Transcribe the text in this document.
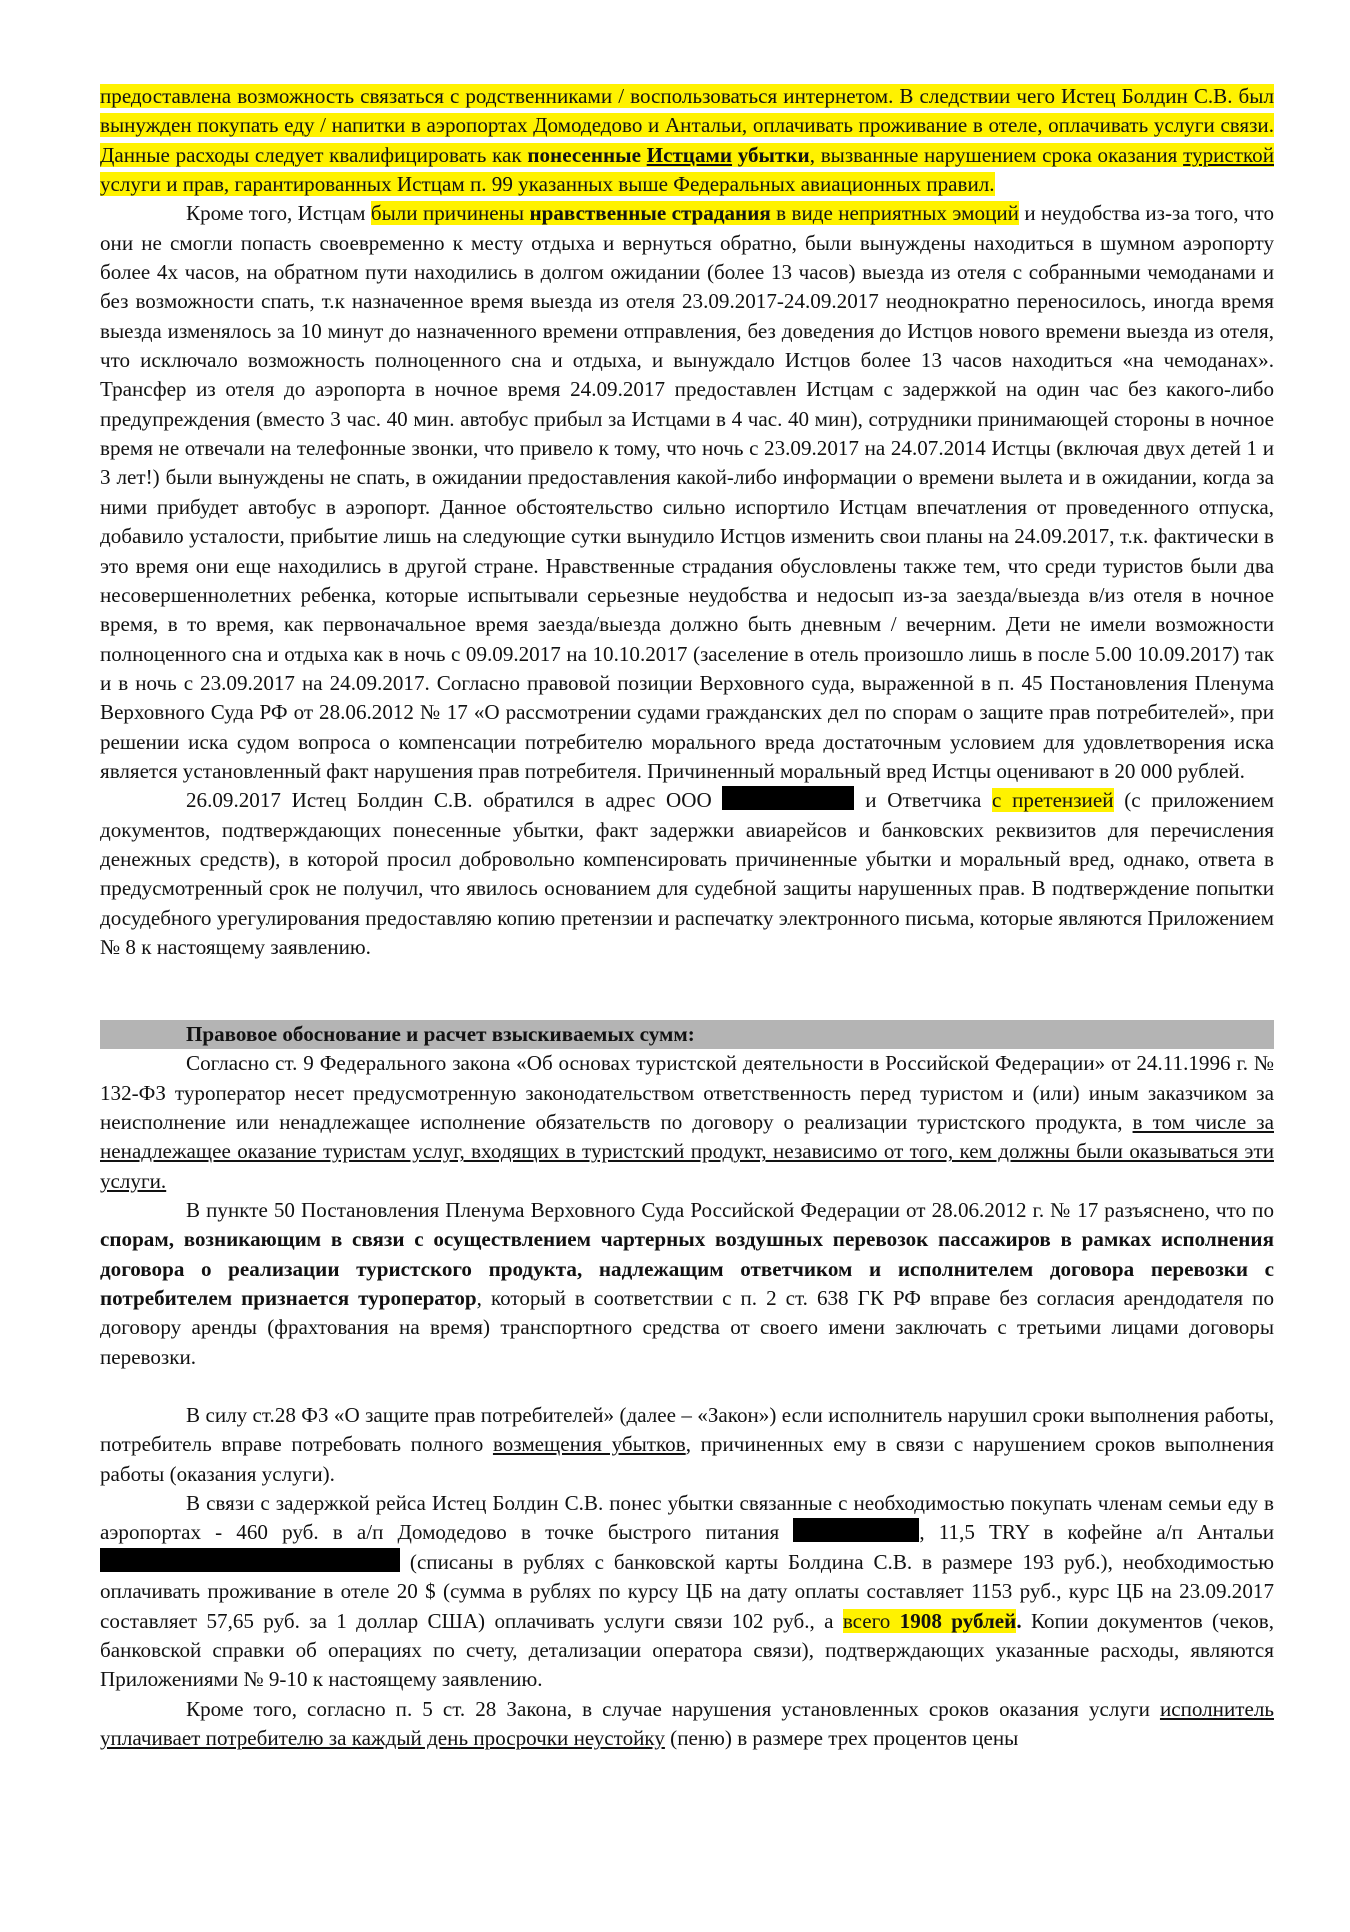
предоставлена возможность связаться с родственниками / воспользоваться интернетом. В следствии чего Истец Болдин С.В. был вынужден покупать еду / напитки в аэропортах Домодедово и Антальи, оплачивать проживание в отеле, оплачивать услуги связи. Данные расходы следует квалифицировать как понесенные Истцами убытки, вызванные нарушением срока оказания туристкой услуги и прав, гарантированных Истцам п. 99 указанных выше Федеральных авиационных правил.

Кроме того, Истцам были причинены нравственные страдания в виде неприятных эмоций и неудобства из-за того, что они не смогли попасть своевременно к месту отдыха и вернуться обратно, были вынуждены находиться в шумном аэропорту более 4х часов, на обратном пути находились в долгом ожидании (более 13 часов) выезда из отеля с собранными чемоданами и без возможности спать, т.к назначенное время выезда из отеля 23.09.2017-24.09.2017 неоднократно переносилось, иногда время выезда изменялось за 10 минут до назначенного времени отправления, без доведения до Истцов нового времени выезда из отеля, что исключало возможность полноценного сна и отдыха, и вынуждало Истцов более 13 часов находиться «на чемоданах». Трансфер из отеля до аэропорта в ночное время 24.09.2017 предоставлен Истцам с задержкой на один час без какого-либо предупреждения (вместо 3 час. 40 мин. автобус прибыл за Истцами в 4 час. 40 мин), сотрудники принимающей стороны в ночное время не отвечали на телефонные звонки, что привело к тому, что ночь с 23.09.2017 на 24.07.2014 Истцы (включая двух детей 1 и 3 лет!) были вынуждены не спать, в ожидании предоставления какой-либо информации о времени вылета и в ожидании, когда за ними прибудет автобус в аэропорт. Данное обстоятельство сильно испортило Истцам впечатления от проведенного отпуска, добавило усталости, прибытие лишь на следующие сутки вынудило Истцов изменить свои планы на 24.09.2017, т.к. фактически в это время они еще находились в другой стране. Нравственные страдания обусловлены также тем, что среди туристов были два несовершеннолетних ребенка, которые испытывали серьезные неудобства и недосып из-за заезда/выезда в/из отеля в ночное время, в то время, как первоначальное время заезда/выезда должно быть дневным / вечерним. Дети не имели возможности полноценного сна и отдыха как в ночь с 09.09.2017 на 10.10.2017 (заселение в отель произошло лишь в после 5.00 10.09.2017) так и в ночь с 23.09.2017 на 24.09.2017. Согласно правовой позиции Верховного суда, выраженной в п. 45 Постановления Пленума Верховного Суда РФ от 28.06.2012 № 17 «О рассмотрении судами гражданских дел по спорам о защите прав потребителей», при решении иска судом вопроса о компенсации потребителю морального вреда достаточным условием для удовлетворения иска является установленный факт нарушения прав потребителя. Причиненный моральный вред Истцы оценивают в 20 000 рублей.

26.09.2017 Истец Болдин С.В. обратился в адрес ООО	и Ответчика с претензией (с приложением документов, подтверждающих понесенные убытки, факт задержки авиарейсов и банковских реквизитов для перечисления денежных средств), в которой просил добровольно компенсировать причиненные убытки и моральный вред, однако, ответа в предусмотренный срок не получил, что явилось основанием для судебной защиты нарушенных прав. В подтверждение попытки досудебного урегулирования предоставляю копию претензии и распечатку электронного письма, которые являются Приложением № 8 к настоящему заявлению.

Правовое обоснование и расчет взыскиваемых сумм:

Согласно ст. 9 Федерального закона «Об основах туристской деятельности в Российской Федерации» от 24.11.1996 г. № 132-ФЗ туроператор несет предусмотренную законодательством ответственность перед туристом и (или) иным заказчиком за неисполнение или ненадлежащее исполнение обязательств по договору о реализации туристского продукта, в том числе за ненадлежащее оказание туристам услуг, входящих в туристский продукт, независимо от того, кем должны были оказываться эти услуги.

В пункте 50 Постановления Пленума Верховного Суда Российской Федерации от 28.06.2012 г. № 17 разъяснено, что по спорам, возникающим в связи с осуществлением чартерных воздушных перевозок пассажиров в рамках исполнения договора о реализации туристского продукта, надлежащим ответчиком и исполнителем договора перевозки с потребителем признается туроператор, который в соответствии с п. 2 ст. 638 ГК РФ вправе без согласия арендодателя по договору аренды (фрахтования на время) транспортного средства от своего имени заключать с третьими лицами договоры перевозки.

В силу ст.28 ФЗ «О защите прав потребителей» (далее – «Закон») если исполнитель нарушил сроки выполнения работы, потребитель вправе потребовать полного возмещения убытков, причиненных ему в связи с нарушением сроков выполнения работы (оказания услуги).

В связи с задержкой рейса Истец Болдин С.В. понес убытки связанные с необходимостью покупать членам семьи еду в аэропортах - 460 руб. в а/п Домодедово в точке быстрого питания	, 11,5 TRY в кофейне а/п Антальи  (списаны в рублях с банковской карты Болдина С.В. в размере 193 руб.), необходимостью оплачивать проживание в отеле 20 $ (сумма в рублях по курсу ЦБ на дату оплаты составляет 1153 руб., курс ЦБ на 23.09.2017 составляет 57,65 руб. за 1 доллар США) оплачивать услуги связи 102 руб., а всего 1908 рублей. Копии документов (чеков, банковской справки об операциях по счету, детализации оператора связи), подтверждающих указанные расходы, являются Приложениями № 9-10 к настоящему заявлению.

Кроме того, согласно п. 5 ст. 28 Закона, в случае нарушения установленных сроков оказания услуги исполнитель уплачивает потребителю за каждый день просрочки неустойку (пеню) в размере трех процентов цены
